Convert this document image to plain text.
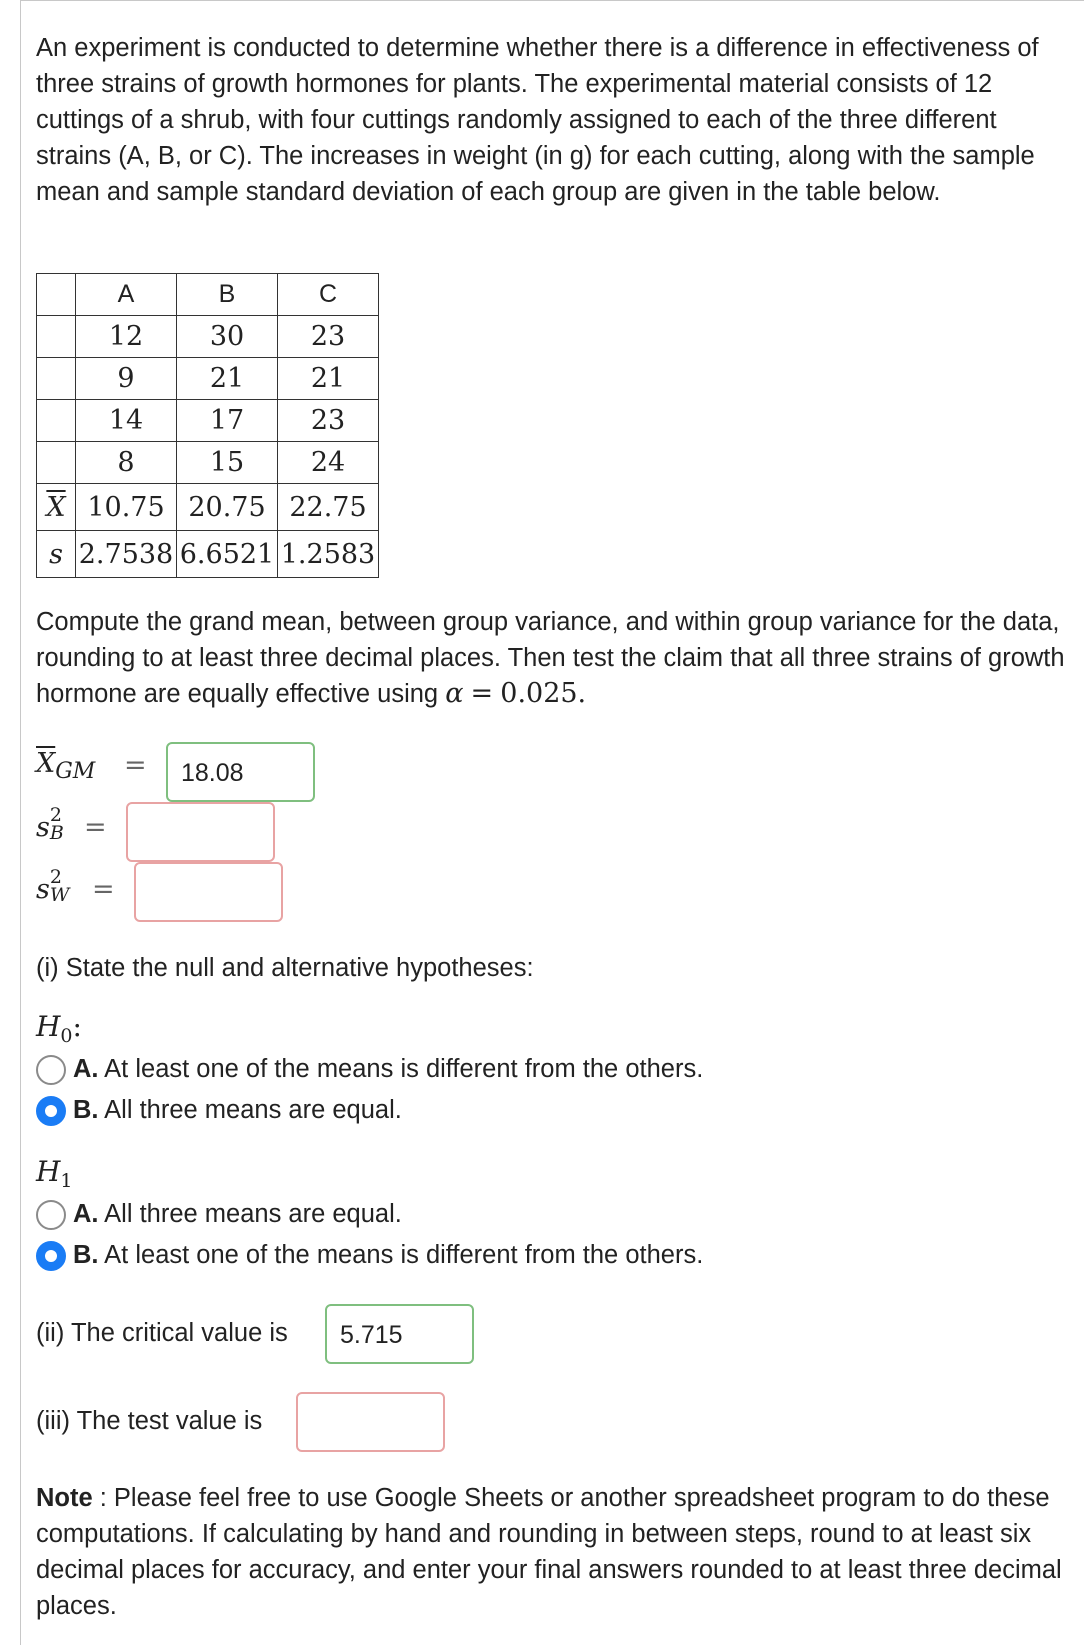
An experiment is conducted to determine whether there is a difference in effectiveness of three strains of growth hormones for plants. The experimental material consists of 12 cuttings of a shrub, with four cuttings randomly assigned to each of the three different strains (A, B, or C). The increases in weight (in g) for each cutting, along with the sample mean and sample standard deviation of each group are given in the table below.

	A	B	C
	12	30	23
	9	21	21
	14	17	23
	8	15	24
$\overline{X}$	10.75	20.75	22.75
s	2.7538	6.6521	1.2583

Compute the grand mean, between group variance, and within group variance for the data, rounding to at least three decimal places. Then test the claim that all three strains of growth hormone are equally effective using α = 0.025.

$\overline{X}_{GM}$ =	18.08
s 2
B =
s 2
W =

(i) State the null and alternative hypotheses:

$H_0$:
A. At least one of the means is different from the others.
B. All three means are equal.
$H_1$
A. All three means are equal.
B. At least one of the means is different from the others.
(ii) The critical value is	5.715
(iii) The test value is

Note : Please feel free to use Google Sheets or another spreadsheet program to do these computations. If calculating by hand and rounding in between steps, round to at least six decimal places for accuracy, and enter your final answers rounded to at least three decimal places.
